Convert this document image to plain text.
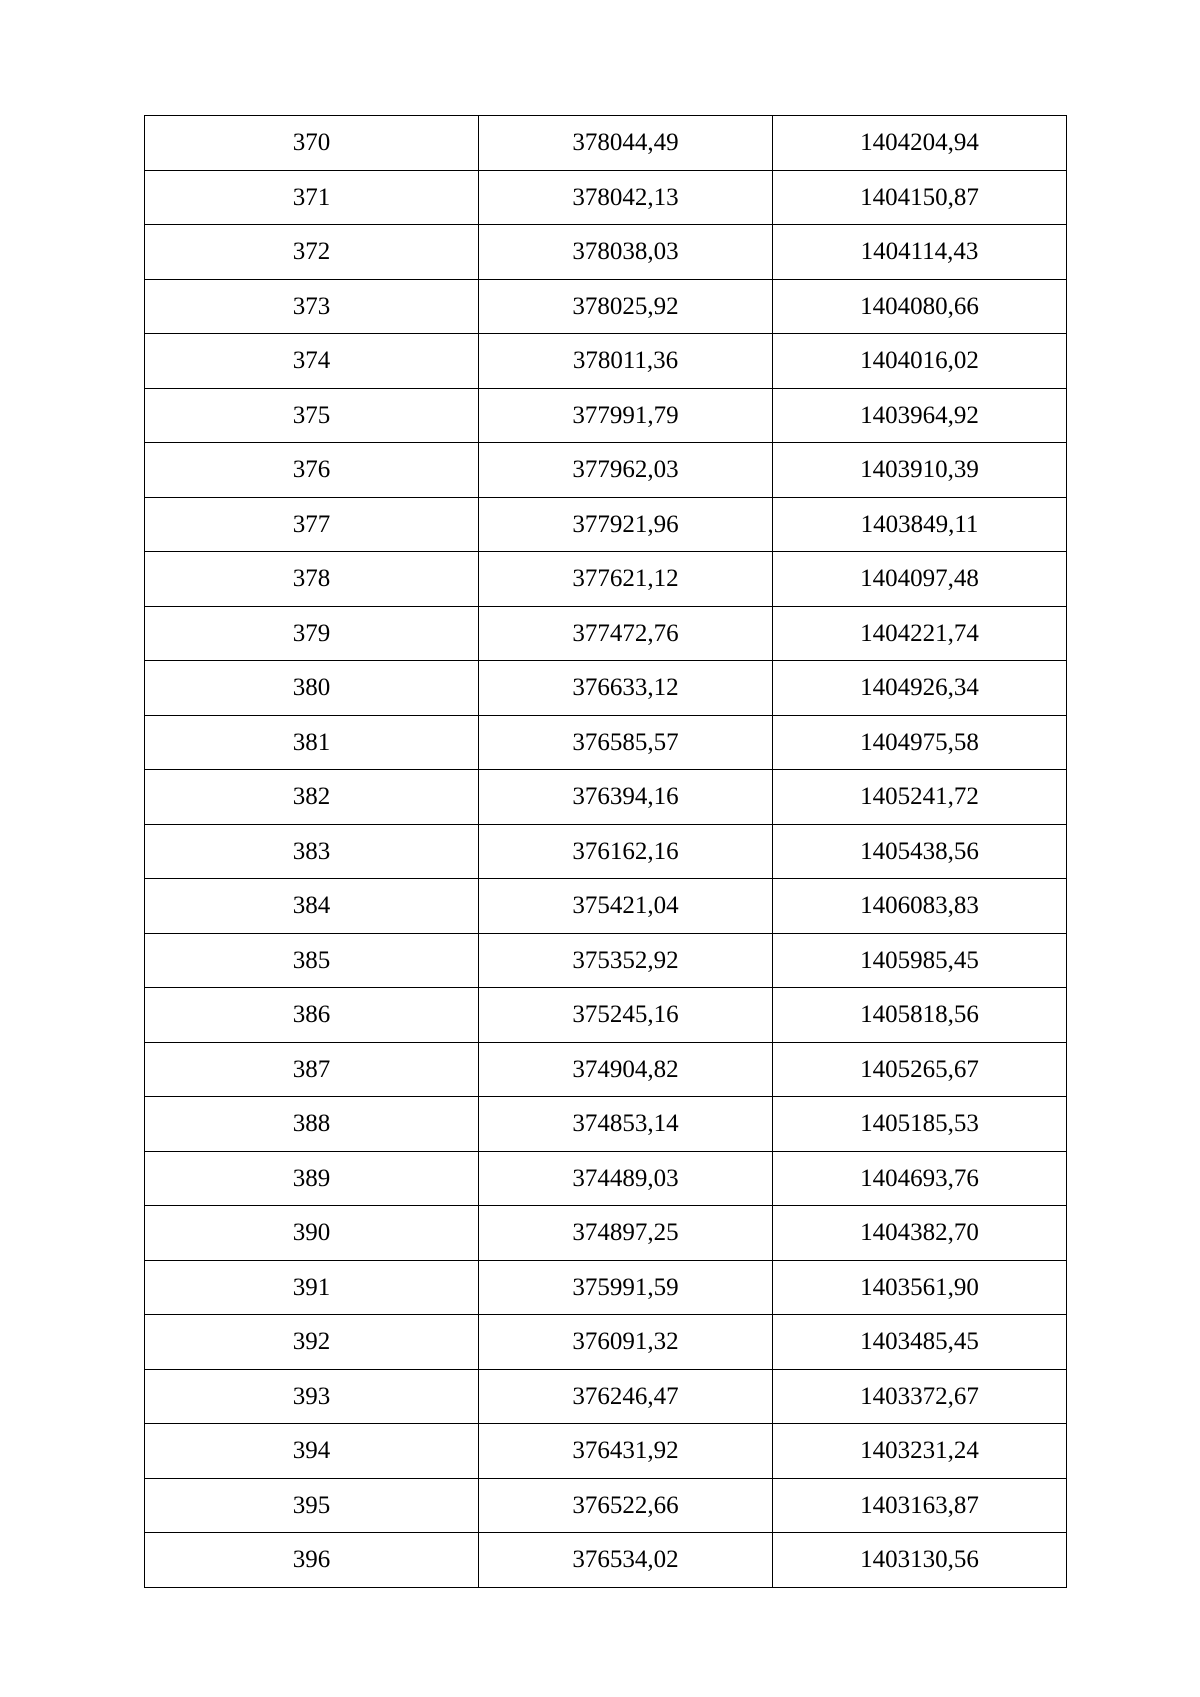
370	378044,49	1404204,94
371	378042,13	1404150,87
372	378038,03	1404114,43
373	378025,92	1404080,66
374	378011,36	1404016,02
375	377991,79	1403964,92
376	377962,03	1403910,39
377	377921,96	1403849,11
378	377621,12	1404097,48
379	377472,76	1404221,74
380	376633,12	1404926,34
381	376585,57	1404975,58
382	376394,16	1405241,72
383	376162,16	1405438,56
384	375421,04	1406083,83
385	375352,92	1405985,45
386	375245,16	1405818,56
387	374904,82	1405265,67
388	374853,14	1405185,53
389	374489,03	1404693,76
390	374897,25	1404382,70
391	375991,59	1403561,90
392	376091,32	1403485,45
393	376246,47	1403372,67
394	376431,92	1403231,24
395	376522,66	1403163,87
396	376534,02	1403130,56
